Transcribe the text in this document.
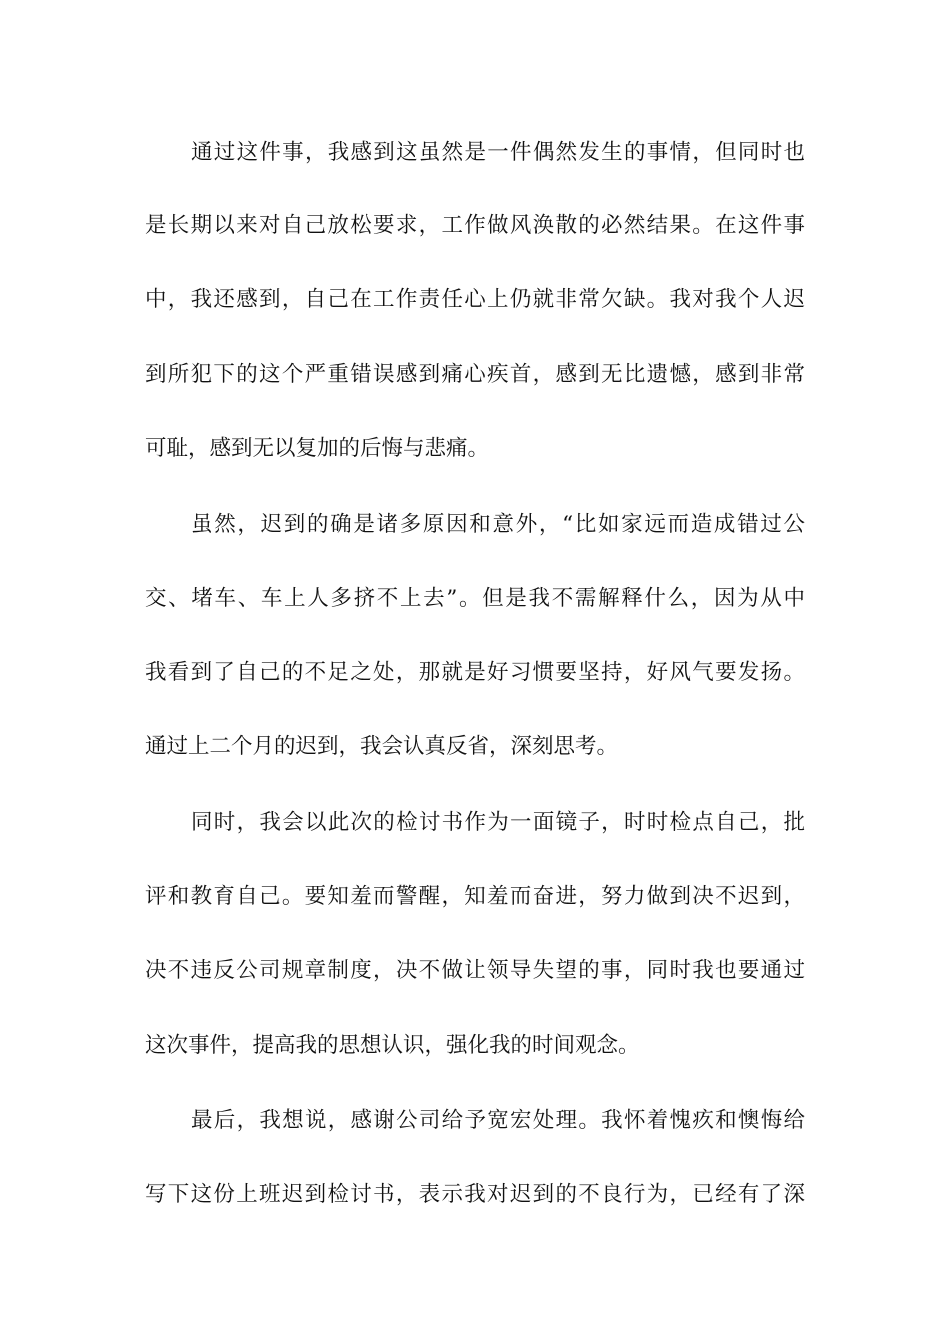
通过这件事，我感到这虽然是一件偶然发生的事情，但同时也
是长期以来对自己放松要求，工作做风涣散的必然结果。在这件事
中，我还感到，自己在工作责任心上仍就非常欠缺。我对我个人迟
到所犯下的这个严重错误感到痛心疾首，感到无比遗憾，感到非常
可耻，感到无以复加的后悔与悲痛。
虽然，迟到的确是诸多原因和意外，“比如家远而造成错过公
交、堵车、车上人多挤不上去”。但是我不需解释什么，因为从中
我看到了自己的不足之处，那就是好习惯要坚持，好风气要发扬。
通过上二个月的迟到，我会认真反省，深刻思考。
同时，我会以此次的检讨书作为一面镜子，时时检点自己，批
评和教育自己。要知羞而警醒，知羞而奋进，努力做到决不迟到，
决不违反公司规章制度，决不做让领导失望的事，同时我也要通过
这次事件，提高我的思想认识，强化我的时间观念。
最后，我想说，感谢公司给予宽宏处理。我怀着愧疚和懊悔给
写下这份上班迟到检讨书，表示我对迟到的不良行为，已经有了深
